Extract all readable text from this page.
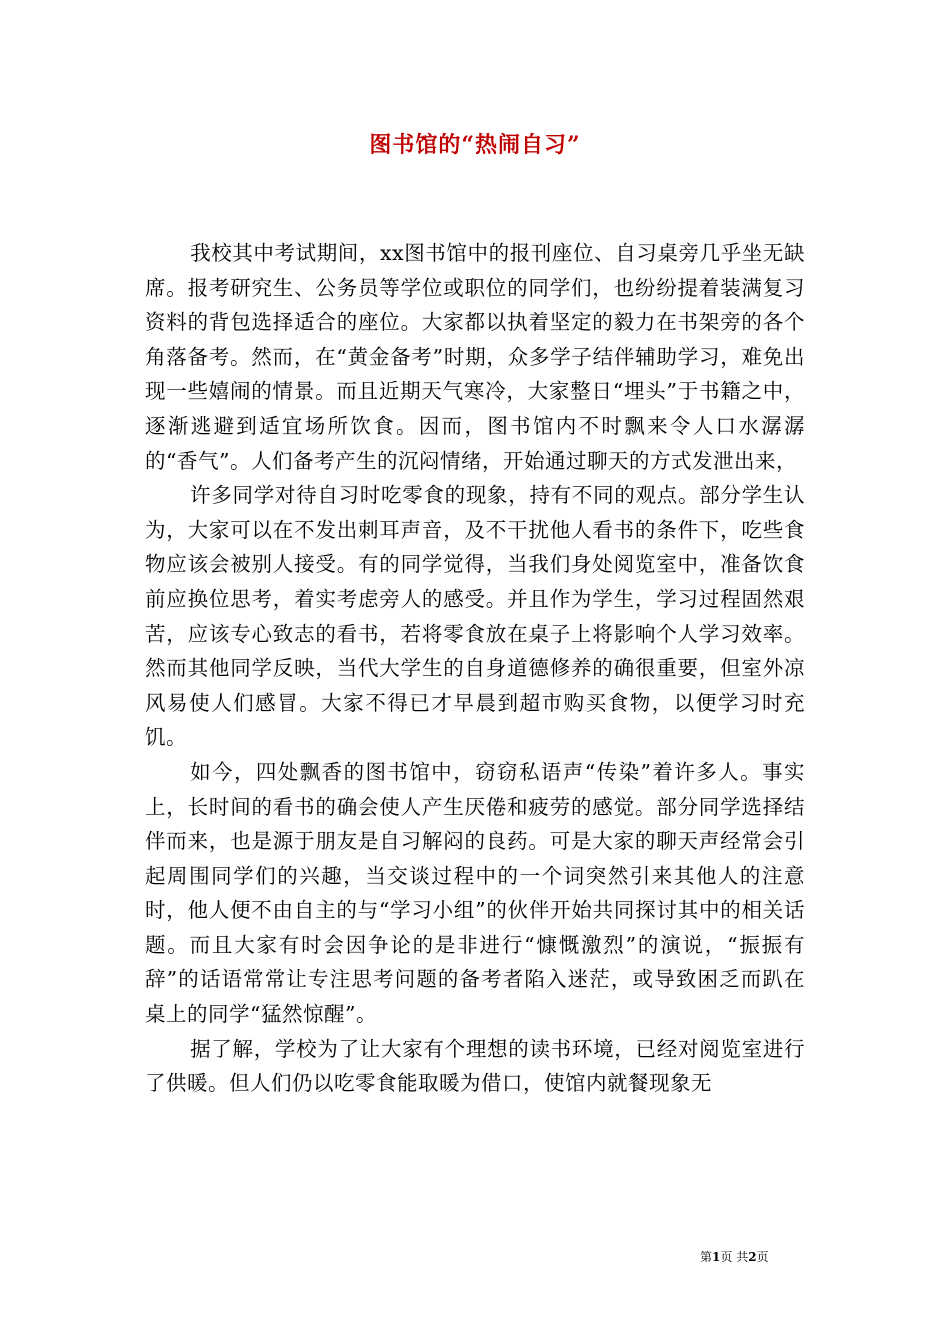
图书馆的“热闹自习”

我校其中考试期间，xx图书馆中的报刊座位、自习桌旁几乎坐无缺席。报考研究生、公务员等学位或职位的同学们，也纷纷提着装满复习资料的背包选择适合的座位。大家都以执着坚定的毅力在书架旁的各个角落备考。然而，在“黄金备考”时期，众多学子结伴辅助学习，难免出现一些嬉闹的情景。而且近期天气寒冷，大家整日“埋头”于书籍之中，逐渐逃避到适宜场所饮食。因而，图书馆内不时飘来令人口水潺潺的“香气”。人们备考产生的沉闷情绪，开始通过聊天的方式发泄出来，

许多同学对待自习时吃零食的现象，持有不同的观点。部分学生认为，大家可以在不发出刺耳声音，及不干扰他人看书的条件下，吃些食物应该会被别人接受。有的同学觉得，当我们身处阅览室中，准备饮食前应换位思考，着实考虑旁人的感受。并且作为学生，学习过程固然艰苦，应该专心致志的看书，若将零食放在桌子上将影响个人学习效率。然而其他同学反映，当代大学生的自身道德修养的确很重要，但室外凉风易使人们感冒。大家不得已才早晨到超市购买食物，以便学习时充饥。

如今，四处飘香的图书馆中，窃窃私语声“传染”着许多人。事实上，长时间的看书的确会使人产生厌倦和疲劳的感觉。部分同学选择结伴而来，也是源于朋友是自习解闷的良药。可是大家的聊天声经常会引起周围同学们的兴趣，当交谈过程中的一个词突然引来其他人的注意时，他人便不由自主的与“学习小组”的伙伴开始共同探讨其中的相关话题。而且大家有时会因争论的是非进行“慷慨激烈”的演说，“振振有辞”的话语常常让专注思考问题的备考者陷入迷茫，或导致困乏而趴在桌上的同学“猛然惊醒”。

据了解，学校为了让大家有个理想的读书环境，已经对阅览室进行了供暖。但人们仍以吃零食能取暖为借口，使馆内就餐现象无

第1页 共2页
